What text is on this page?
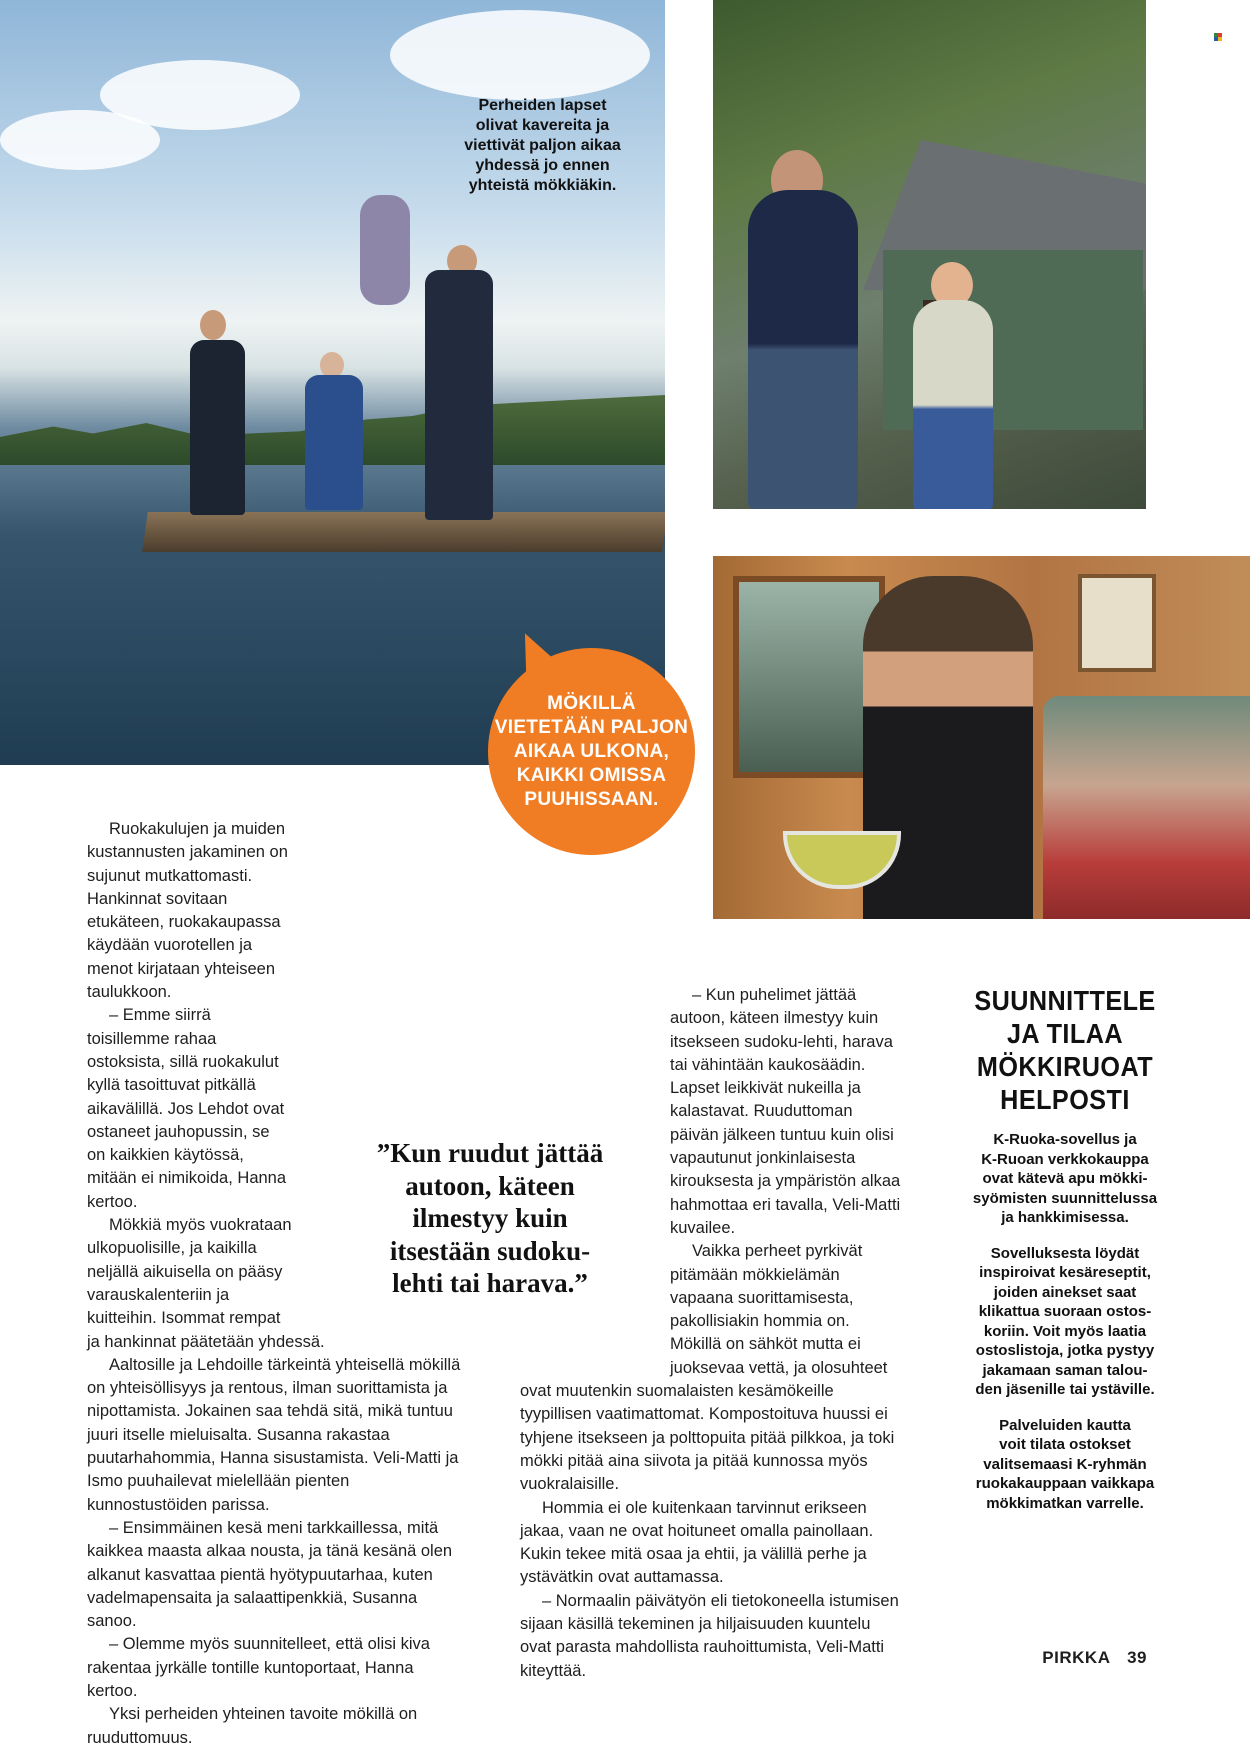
Perheiden lapset
olivat kavereita ja
viettivät paljon aikaa
yhdessä jo ennen
yhteistä mökkiäkin.
MÖKILLÄ
VIETETÄÄN PALJON
AIKAA ULKONA,
KAIKKI OMISSA
PUUHISSAAN.

Ruokakulujen ja muiden kustannusten jakaminen on sujunut mutkattomasti. Hankinnat sovitaan etukäteen, ruokakaupassa käydään vuorotellen ja menot kirjataan yhteiseen taulukkoon.

– Emme siirrä toisillemme rahaa ostoksista, sillä ruokakulut kyllä tasoittuvat pitkällä aikavälillä. Jos Lehdot ovat ostaneet jauhopussin, se on kaikkien käytössä, mitään ei nimikoida, Hanna kertoo.

Mökkiä myös vuokrataan ulkopuolisille, ja kaikilla neljällä aikuisella on pääsy varauskalenteriin ja kuitteihin. Isommat rempat ja hankinnat päätetään yhdessä.

Aaltosille ja Lehdoille tärkeintä yhteisellä mökillä on yhteisöllisyys ja rentous, ilman suorittamista ja nipottamista. Jokainen saa tehdä sitä, mikä tuntuu juuri itselle mieluisalta. Susanna rakastaa puutarhahommia, Hanna sisustamista. Veli-Matti ja Ismo puuhailevat mielellään pienten kunnostustöiden parissa.

– Ensimmäinen kesä meni tarkkaillessa, mitä kaikkea maasta alkaa nousta, ja tänä kesänä olen alkanut kasvattaa pientä hyötypuutarhaa, kuten vadelmapensaita ja salaattipenkkiä, Susanna sanoo.

– Olemme myös suunnitelleet, että olisi kiva rakentaa jyrkälle tontille kuntoportaat, Hanna kertoo.

Yksi perheiden yhteinen tavoite mökillä on ruuduttomuus.

”Kun ruudut jättää
autoon, käteen
ilmestyy kuin
itsestään sudoku-
lehti tai harava.”

– Kun puhelimet jättää autoon, käteen ilmestyy kuin itsekseen sudoku-lehti, harava tai vähintään kaukosäädin. Lapset leikkivät nukeilla ja kalastavat. Ruuduttoman päivän jälkeen tuntuu kuin olisi vapautunut jonkinlaisesta kirouksesta ja ympäristön alkaa hahmottaa eri tavalla, Veli-Matti kuvailee.

Vaikka perheet pyrkivät pitämään mökkielämän vapaana suorittamisesta, pakollisiakin hommia on. Mökillä on sähköt mutta ei juoksevaa vettä, ja olosuhteet ovat muutenkin suomalaisten kesämökeille tyypillisen vaatimattomat. Kompostoituva huussi ei tyhjene itsekseen ja polttopuita pitää pilkkoa, ja toki mökki pitää aina siivota ja pitää kunnossa myös vuokralaisille.

Hommia ei ole kuitenkaan tarvinnut erikseen jakaa, vaan ne ovat hoituneet omalla painollaan. Kukin tekee mitä osaa ja ehtii, ja välillä perhe ja ystävätkin ovat auttamassa.

– Normaalin päivätyön eli tietokoneella istumisen sijaan käsillä tekeminen ja hiljaisuuden kuuntelu ovat parasta mahdollista rauhoittumista, Veli-Matti kiteyttää.

SUUNNITTELE
JA TILAA
MÖKKIRUOAT
HELPOSTI

K-Ruoka-sovellus ja
K-Ruoan verkkokauppa
ovat kätevä apu mökki-
syömisten suunnittelussa
ja hankkimisessa.

Sovelluksesta löydät
inspiroivat kesäreseptit,
joiden ainekset saat
klikattua suoraan ostos-
koriin. Voit myös laatia
ostoslistoja, jotka pystyy
jakamaan saman talou-
den jäsenille tai ystäville.

Palveluiden kautta
voit tilata ostokset
valitsemaasi K-ryhmän
ruokakauppaan vaikkapa
mökkimatkan varrelle.

PIRKKA 39
